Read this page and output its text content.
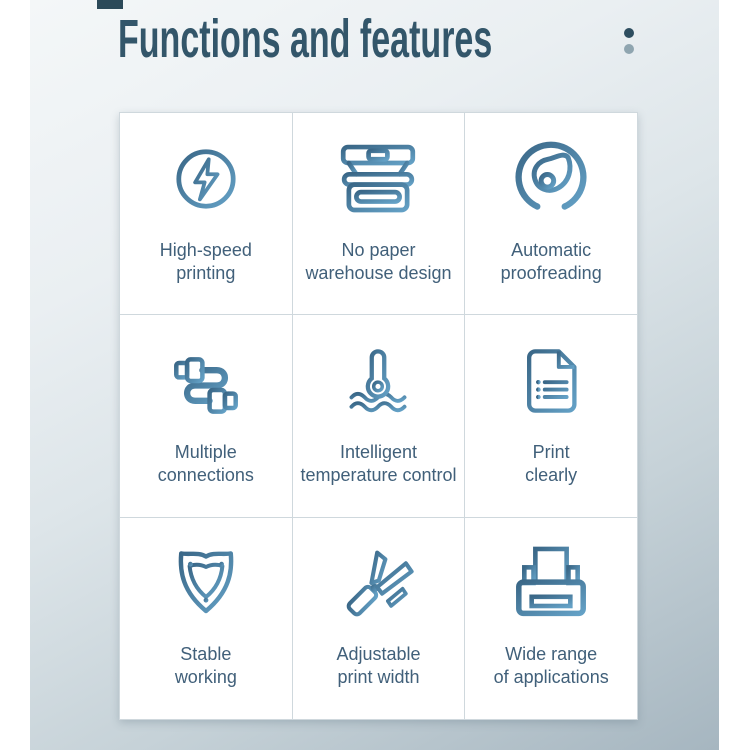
Functions and features
High-speed
printing
No paper
warehouse design
Automatic
proofreading
Multiple
connections
Intelligent
temperature control
Print
clearly
Stable
working
Adjustable
print width
Wide range
of applications
